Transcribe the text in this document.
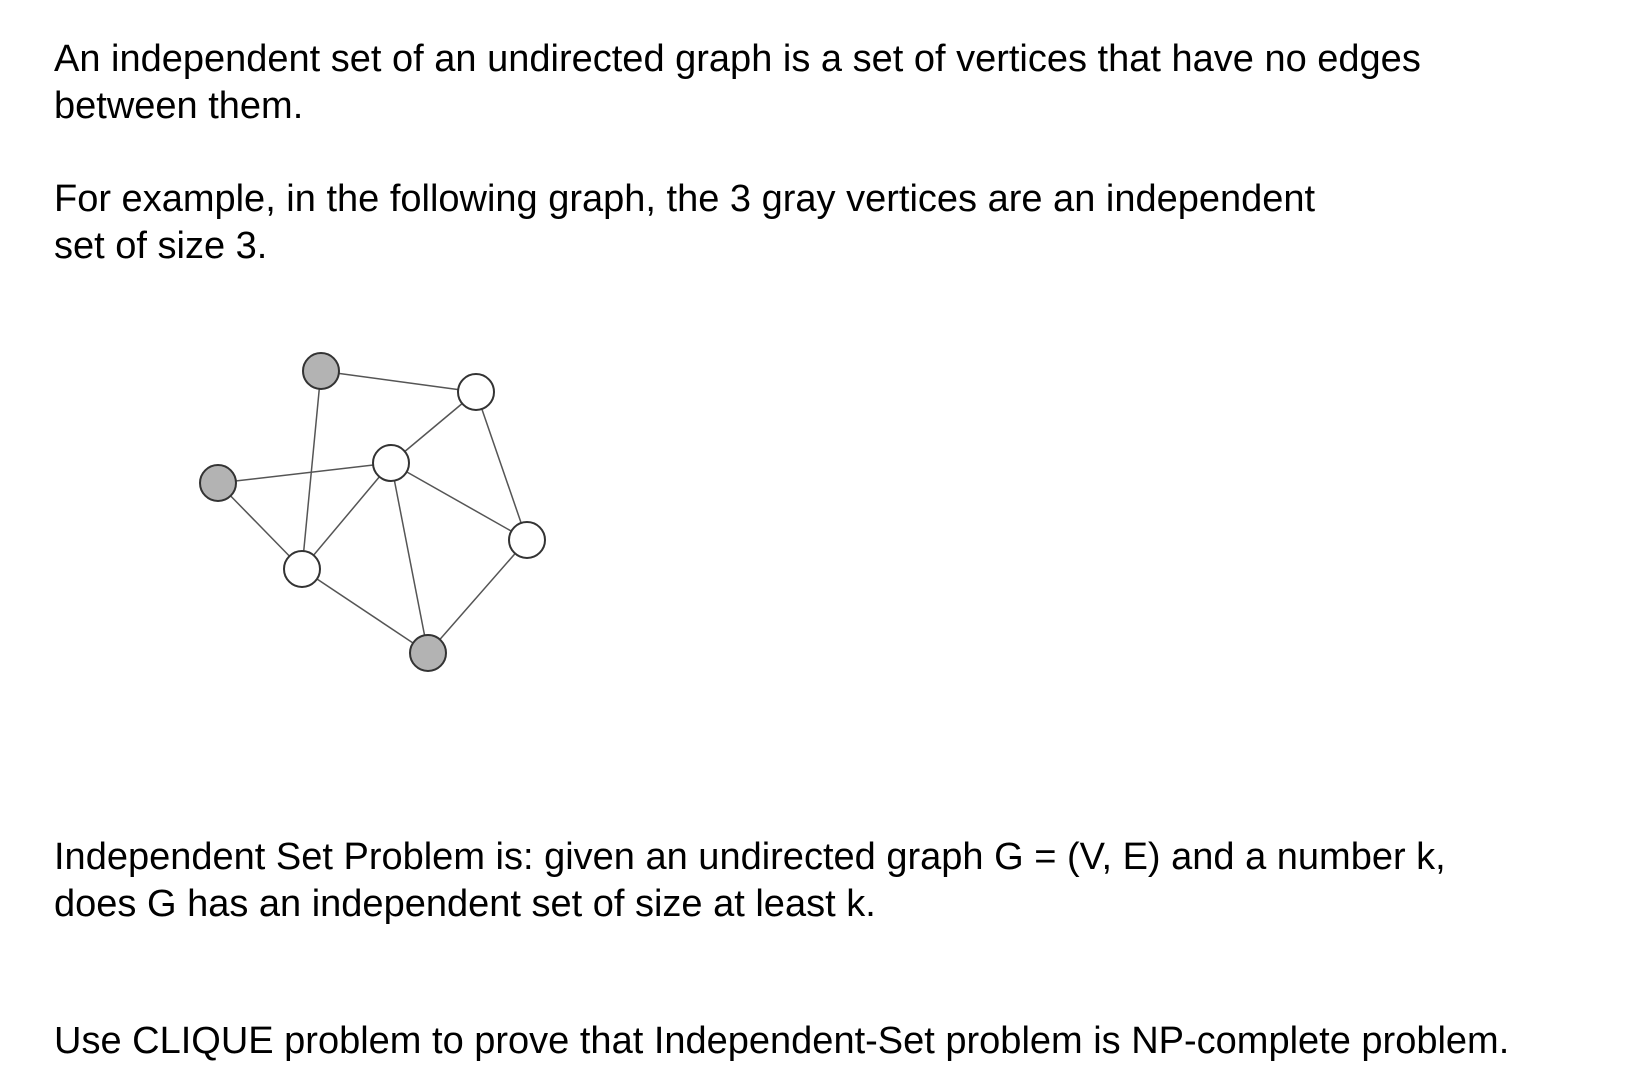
An independent set of an undirected graph is a set of vertices that have no edges
between them.

For example, in the following graph, the 3 gray vertices are an independent
set of size 3.

Independent Set Problem is: given an undirected graph G = (V, E) and a number k,
does G has an independent set of size at least k.

Use CLIQUE problem to prove that Independent-Set problem is NP-complete problem.
